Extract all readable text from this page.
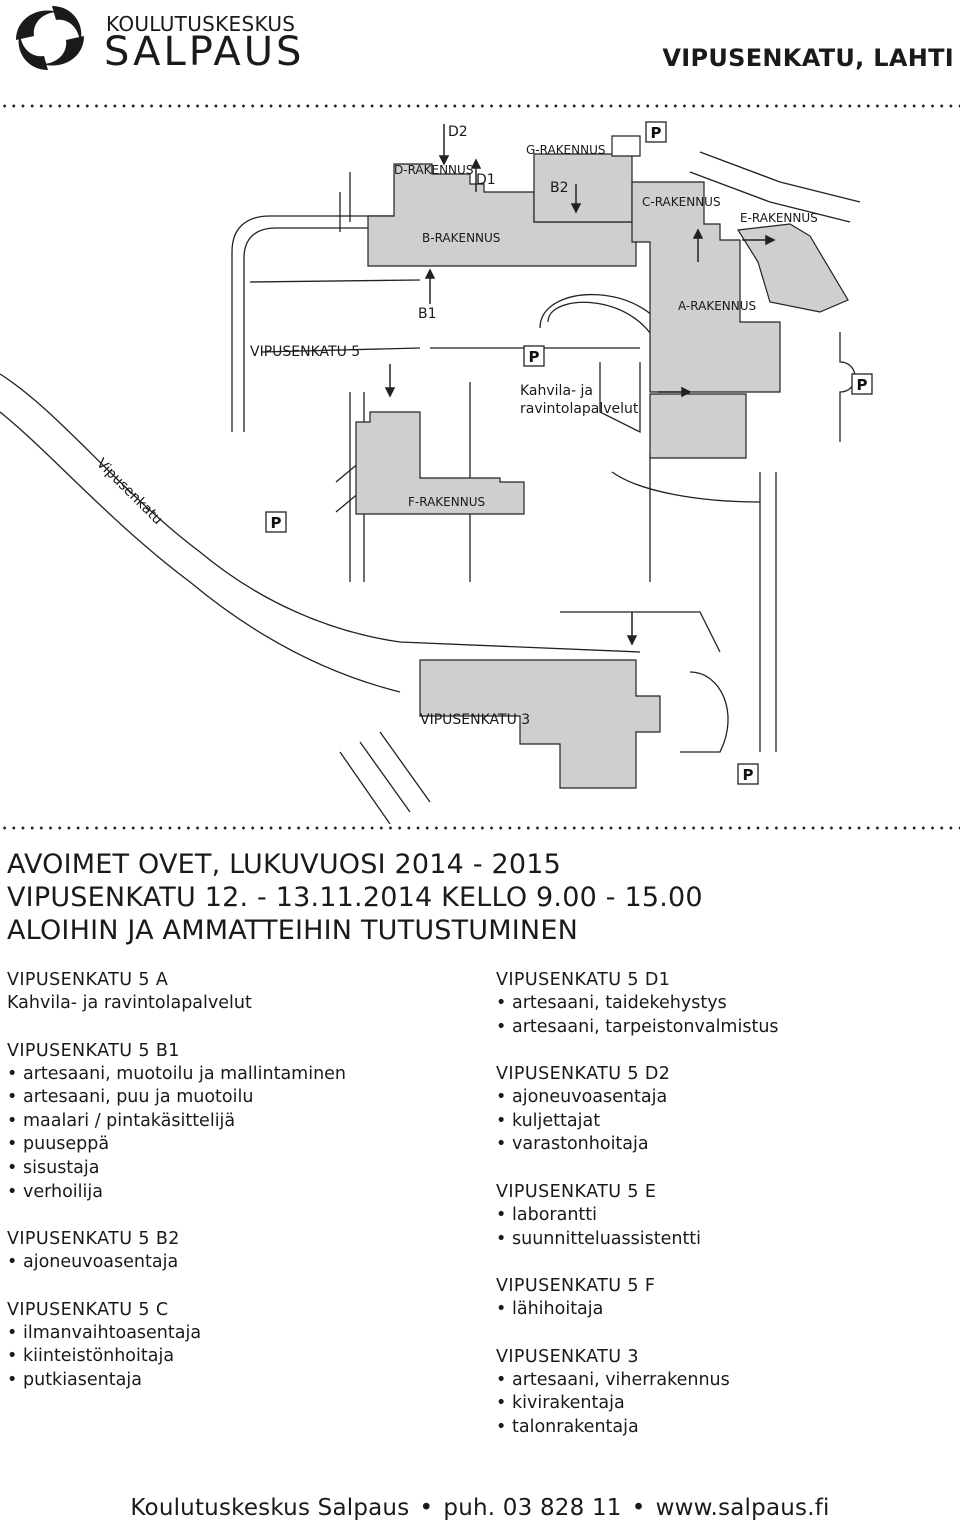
KOULUTUSKESKUS
SALPAUS	VIPUSENKATU, LAHTI
P
P
P
P
P
D2
D-RAKENNUS
D1
G-RAKENNUS
B2
B-RAKENNUS
C-RAKENNUS
E-RAKENNUS
A-RAKENNUS
B1
VIPUSENKATU 5
Kahvila- ja
ravintolapalvelut
F-RAKENNUS
Vipusenkatu
VIPUSENKATU 3
AVOIMET OVET, LUKUVUOSI 2014 - 2015
VIPUSENKATU 12. - 13.11.2014 KELLO 9.00 - 15.00
ALOIHIN JA AMMATTEIHIN TUTUSTUMINEN
VIPUSENKATU 5 A
Kahvila- ja ravintolapalvelut
VIPUSENKATU 5 B1
• artesaani, muotoilu ja mallintaminen
• artesaani, puu ja muotoilu
• maalari / pintakäsittelijä
• puuseppä
• sisustaja
• verhoilija
VIPUSENKATU 5 B2
• ajoneuvoasentaja
VIPUSENKATU 5 C
• ilmanvaihtoasentaja
• kiinteistönhoitaja
• putkiasentaja
VIPUSENKATU 5 D1
• artesaani, taidekehystys
• artesaani, tarpeistonvalmistus
VIPUSENKATU 5 D2
• ajoneuvoasentaja
• kuljettajat
• varastonhoitaja
VIPUSENKATU 5 E
• laborantti
• suunnitteluassistentti
VIPUSENKATU 5 F
• lähihoitaja
VIPUSENKATU 3
• artesaani, viherrakennus
• kivirakentaja
• talonrakentaja
Koulutuskeskus Salpaus • puh. 03 828 11 • www.salpaus.fi
